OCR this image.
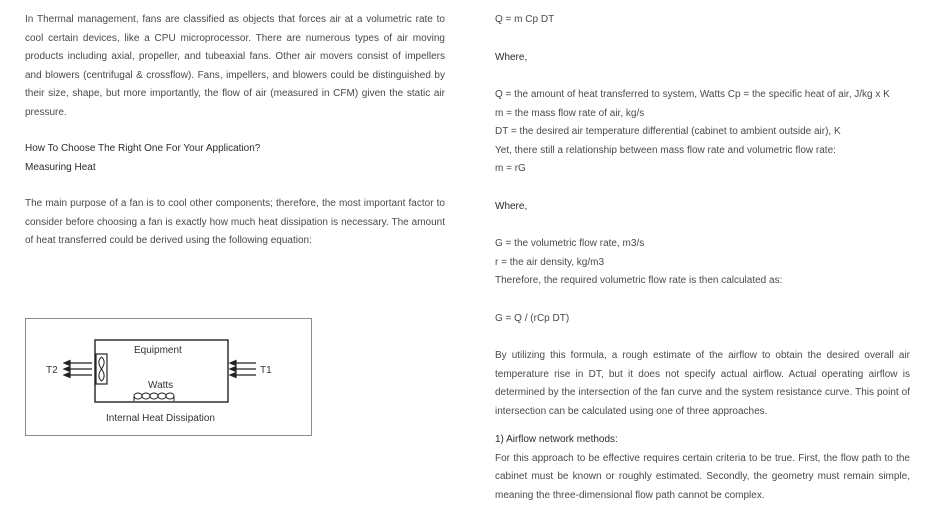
In Thermal management, fans are classified as objects that forces air at a volumetric rate to cool certain devices, like a CPU microprocessor. There are numerous types of air moving products including axial, propeller, and tubeaxial fans. Other air movers consist of impellers and blowers (centrifugal & crossflow). Fans, impellers, and blowers could be distinguished by their size, shape, but more importantly, the flow of air (measured in CFM) given the static air pressure.

How To Choose The Right One For Your Application?

Measuring Heat

The main purpose of a fan is to cool other components; therefore, the most important factor to consider before choosing a fan is exactly how much heat dissipation is necessary. The amount of heat transferred could be derived using the following equation:

Equipment
Watts
T2	T1
Internal Heat Dissipation

Q = m Cp DT

Where,

Q = the amount of heat transferred to system, Watts Cp = the specific heat of air, J/kg x K

m = the mass flow rate of air, kg/s

DT = the desired air temperature differential (cabinet to ambient outside air), K

Yet, there still a relationship between mass flow rate and volumetric flow rate:

m = rG

Where,

G = the volumetric flow rate, m3/s

r = the air density, kg/m3

Therefore, the required volumetric flow rate is then calculated as:

G = Q / (rCp DT)

By utilizing this formula, a rough estimate of the airflow to obtain the desired overall air temperature rise in DT, but it does not specify actual airflow. Actual operating airflow is determined by the intersection of the fan curve and the system resistance curve. This point of intersection can be calculated using one of three approaches.

1) Airflow network methods:

For this approach to be effective requires certain criteria to be true. First, the flow path to the cabinet must be known or roughly estimated. Secondly, the geometry must remain simple, meaning the three-dimensional flow path cannot be complex.
